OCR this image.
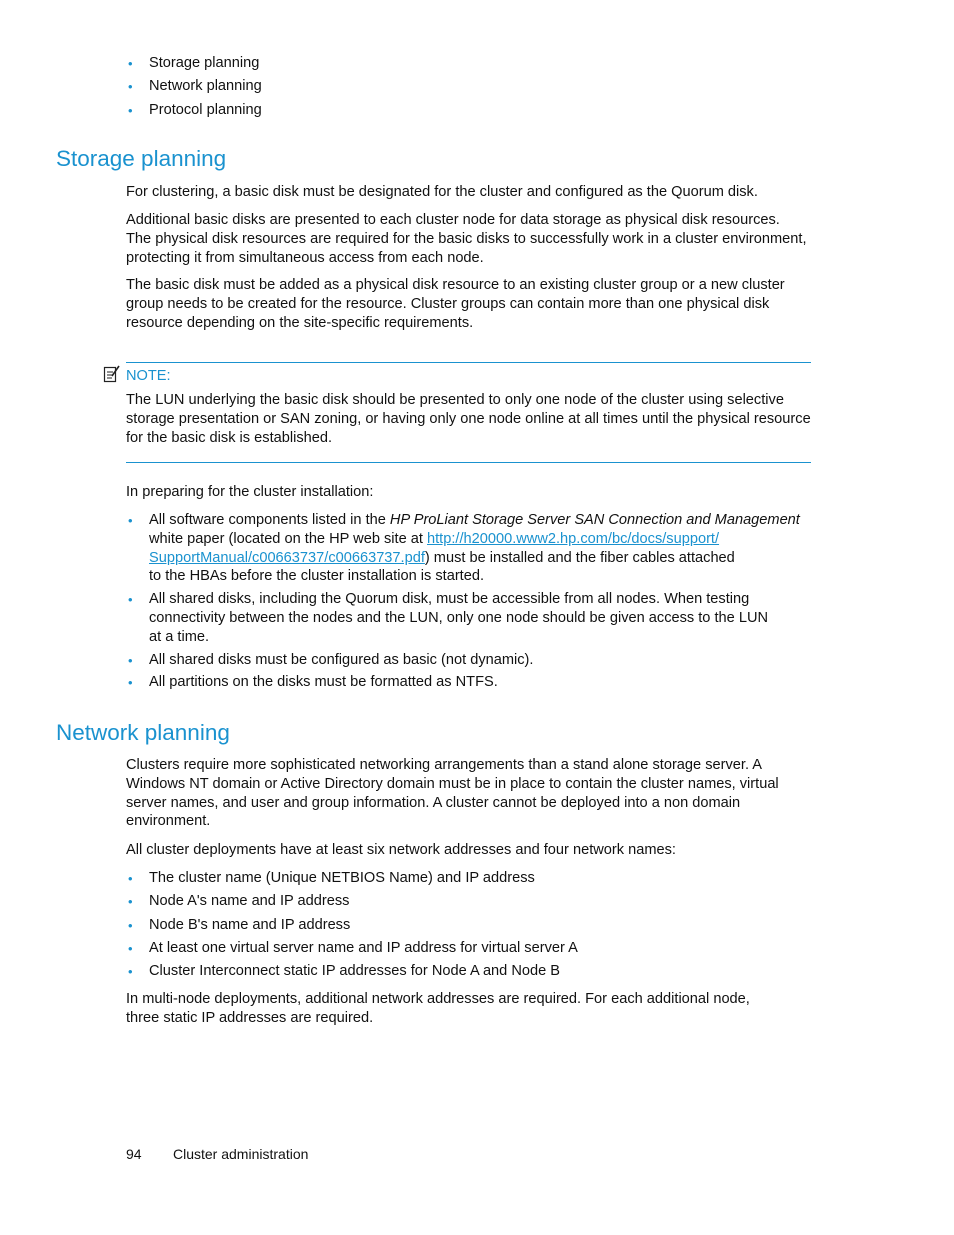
• Storage planning
• Network planning
• Protocol planning
Storage planning

For clustering, a basic disk must be designated for the cluster and configured as the Quorum disk.

Additional basic disks are presented to each cluster node for data storage as physical disk resources.
The physical disk resources are required for the basic disks to successfully work in a cluster environment,
protecting it from simultaneous access from each node.
The basic disk must be added as a physical disk resource to an existing cluster group or a new cluster
group needs to be created for the resource. Cluster groups can contain more than one physical disk
resource depending on the site-specific requirements.
NOTE:
The LUN underlying the basic disk should be presented to only one node of the cluster using selective
storage presentation or SAN zoning, or having only one node online at all times until the physical resource
for the basic disk is established.

In preparing for the cluster installation:

• All software components listed in the HP ProLiant Storage Server SAN Connection and Management
white paper (located on the HP web site at http://h20000.www2.hp.com/bc/docs/support/
SupportManual/c00663737/c00663737.pdf) must be installed and the fiber cables attached
to the HBAs before the cluster installation is started.
• All shared disks, including the Quorum disk, must be accessible from all nodes. When testing
connectivity between the nodes and the LUN, only one node should be given access to the LUN
at a time.
• All shared disks must be configured as basic (not dynamic).
• All partitions on the disks must be formatted as NTFS.
Network planning
Clusters require more sophisticated networking arrangements than a stand alone storage server. A
Windows NT domain or Active Directory domain must be in place to contain the cluster names, virtual
server names, and user and group information. A cluster cannot be deployed into a non domain
environment.

All cluster deployments have at least six network addresses and four network names:

• The cluster name (Unique NETBIOS Name) and IP address
• Node A's name and IP address
• Node B's name and IP address
• At least one virtual server name and IP address for virtual server A
• Cluster Interconnect static IP addresses for Node A and Node B
In multi-node deployments, additional network addresses are required. For each additional node,
three static IP addresses are required.
94 Cluster administration
